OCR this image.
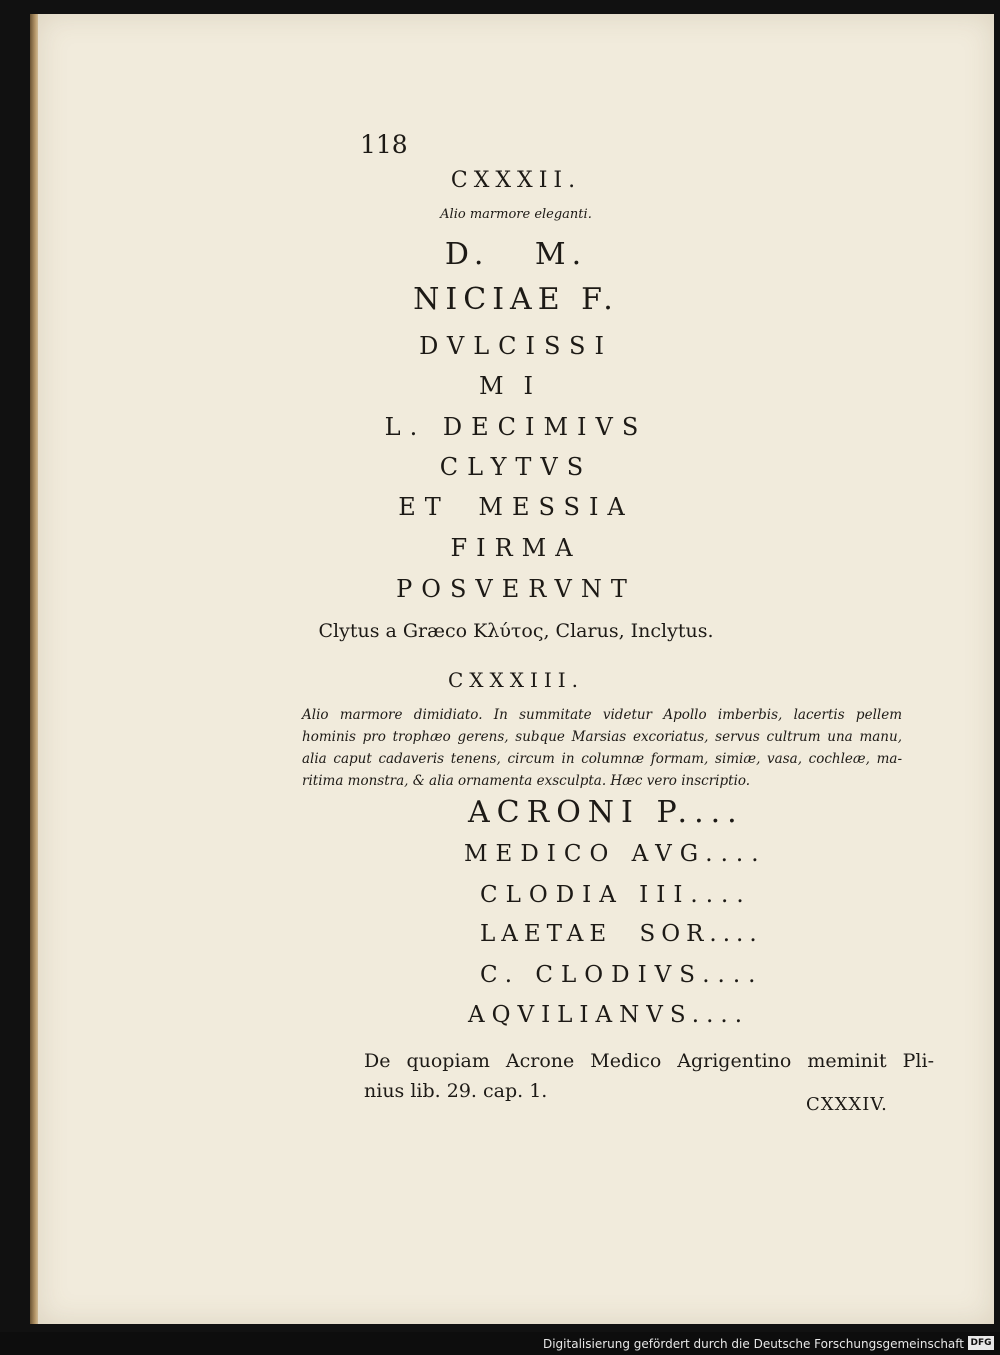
118
CXXXII.
Alio marmore eleganti.
D. M.
NICIAE F.
DVLCISSI
MI
L. DECIMIVS
CLYTVS
ET MESSIA
FIRMA
POSVERVNT
Clytus a Græco Κλύτος, Clarus, Inclytus.
CXXXIII.
Alio marmore dimidiato. In summitate videtur Apollo imberbis, lacertis pellem
hominis pro trophæo gerens, subque Marsias excoriatus, servus cultrum una manu,
alia caput cadaveris tenens, circum in columnæ formam, simiæ, vasa, cochleæ, ma-
ritima monstra, & alia ornamenta exsculpta. Hæc vero inscriptio.
ACRONI P....
MEDICO AVG....
CLODIA III....
LAETAE SOR....
C. CLODIVS....
AQVILIANVS....
De quopiam Acrone Medico Agrigentino meminit Pli-
nius lib. 29. cap. 1.
CXXXIV.
Digitalisierung gefördert durch die Deutsche Forschungsgemeinschaft DFG
